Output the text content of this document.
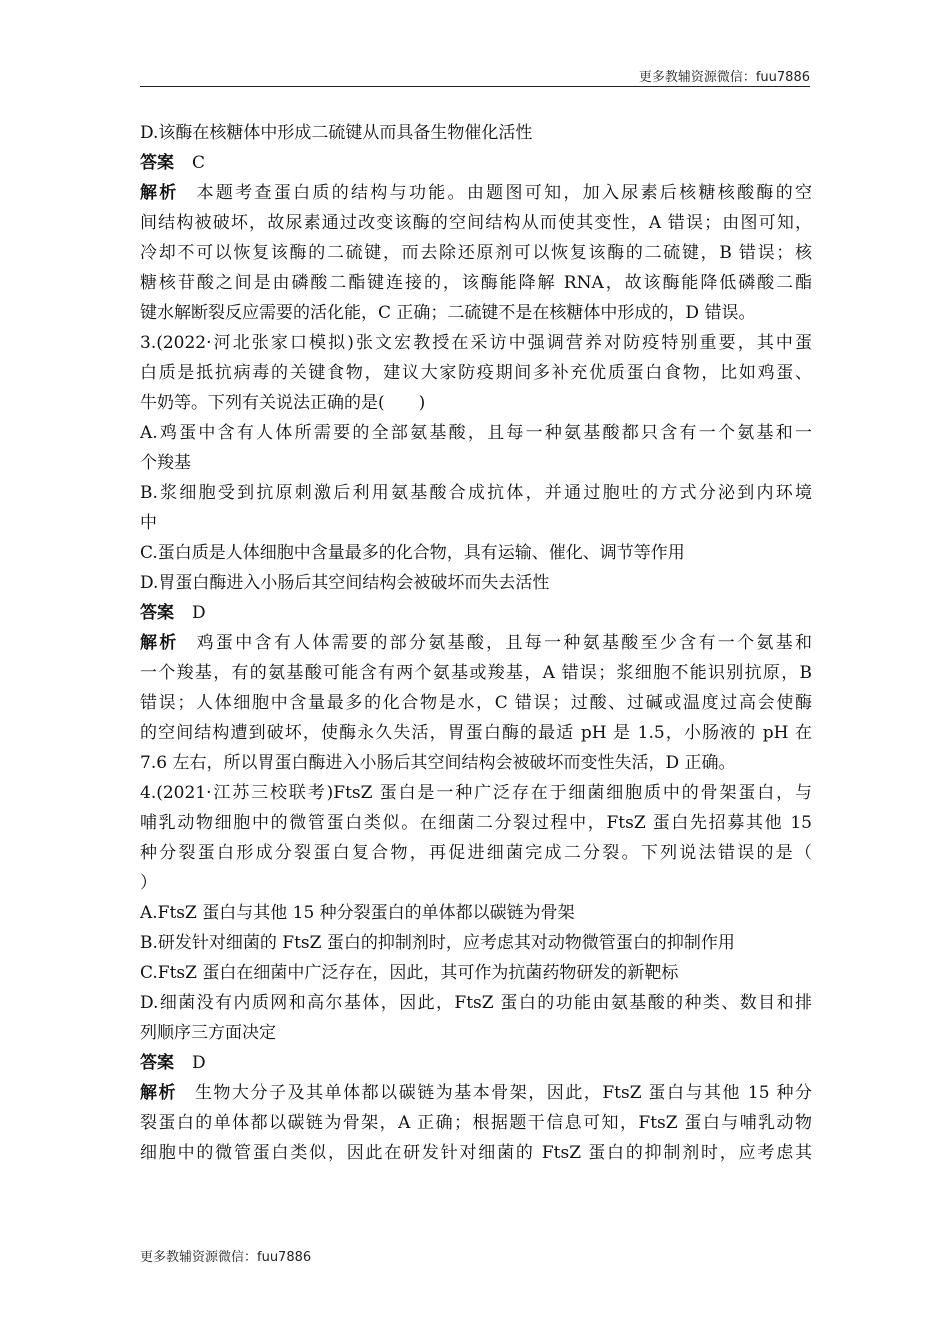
更多教辅资源微信：fuu7886
D.该酶在核糖体中形成二硫键从而具备生物催化活性
答案 C
解析 本题考查蛋白质的结构与功能。由题图可知，加入尿素后核糖核酸酶的空
间结构被破坏，故尿素通过改变该酶的空间结构从而使其变性，A 错误；由图可知，
冷却不可以恢复该酶的二硫键，而去除还原剂可以恢复该酶的二硫键，B 错误；核
糖核苷酸之间是由磷酸二酯键连接的，该酶能降解 RNA，故该酶能降低磷酸二酯
键水解断裂反应需要的活化能，C 正确；二硫键不是在核糖体中形成的，D 错误。
3.(2022·河北张家口模拟)张文宏教授在采访中强调营养对防疫特别重要，其中蛋
白质是抵抗病毒的关键食物，建议大家防疫期间多补充优质蛋白食物，比如鸡蛋、
牛奶等。下列有关说法正确的是(　　)
A.鸡蛋中含有人体所需要的全部氨基酸，且每一种氨基酸都只含有一个氨基和一
个羧基
B.浆细胞受到抗原刺激后利用氨基酸合成抗体，并通过胞吐的方式分泌到内环境
中
C.蛋白质是人体细胞中含量最多的化合物，具有运输、催化、调节等作用
D.胃蛋白酶进入小肠后其空间结构会被破坏而失去活性
答案 D
解析 鸡蛋中含有人体需要的部分氨基酸，且每一种氨基酸至少含有一个氨基和
一个羧基，有的氨基酸可能含有两个氨基或羧基，A 错误；浆细胞不能识别抗原，B
错误；人体细胞中含量最多的化合物是水，C 错误；过酸、过碱或温度过高会使酶
的空间结构遭到破坏，使酶永久失活，胃蛋白酶的最适 pH 是 1.5，小肠液的 pH 在
7.6 左右，所以胃蛋白酶进入小肠后其空间结构会被破坏而变性失活，D 正确。
4.(2021·江苏三校联考)FtsZ 蛋白是一种广泛存在于细菌细胞质中的骨架蛋白，与
哺乳动物细胞中的微管蛋白类似。在细菌二分裂过程中，FtsZ 蛋白先招募其他 15
种分裂蛋白形成分裂蛋白复合物，再促进细菌完成二分裂。下列说法错误的是（
）
A.FtsZ 蛋白与其他 15 种分裂蛋白的单体都以碳链为骨架
B.研发针对细菌的 FtsZ 蛋白的抑制剂时，应考虑其对动物微管蛋白的抑制作用
C.FtsZ 蛋白在细菌中广泛存在，因此，其可作为抗菌药物研发的新靶标
D.细菌没有内质网和高尔基体，因此，FtsZ 蛋白的功能由氨基酸的种类、数目和排
列顺序三方面决定
答案 D
解析 生物大分子及其单体都以碳链为基本骨架，因此，FtsZ 蛋白与其他 15 种分
裂蛋白的单体都以碳链为骨架，A 正确；根据题干信息可知，FtsZ 蛋白与哺乳动物
细胞中的微管蛋白类似，因此在研发针对细菌的 FtsZ 蛋白的抑制剂时，应考虑其
更多教辅资源微信：fuu7886
